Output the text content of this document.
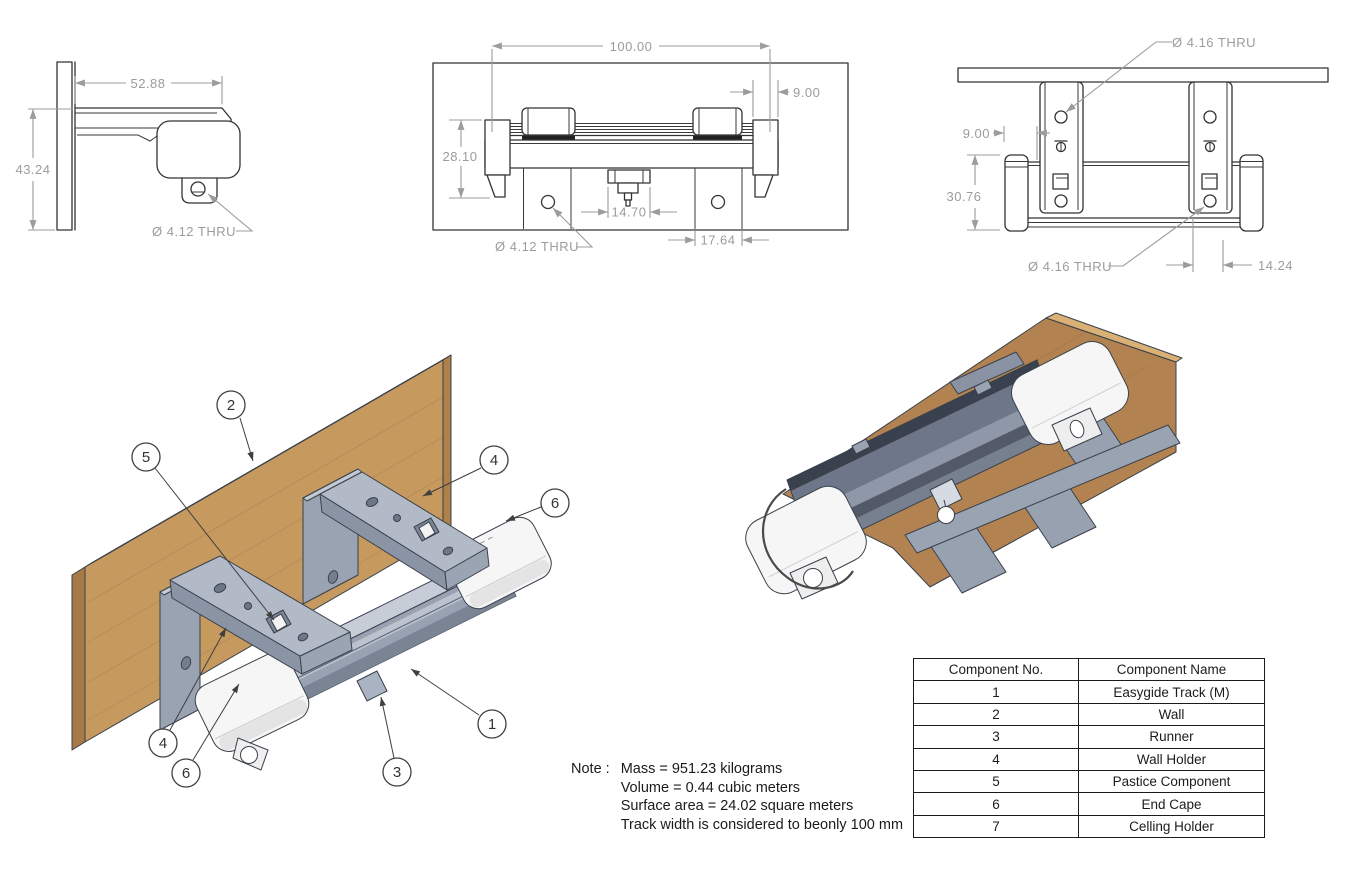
52.88
43.24
Ø 4.12 THRU
100.00
9.00
28.10
14.70
17.64
Ø 4.12 THRU
9.00
30.76
Ø 4.16 THRU
Ø 4.16 THRU	14.24
2
5	4
6
4
6	3
1
Note : Mass = 951.23 kilograms
Volume = 0.44 cubic meters
Surface area = 24.02 square meters
Track width is considered to beonly 100 mm
Component No.	Component Name
1	Easygide Track (M)
2	Wall
3	Runner
4	Wall Holder
5	Pastice Component
6	End Cape
7	Celling Holder
